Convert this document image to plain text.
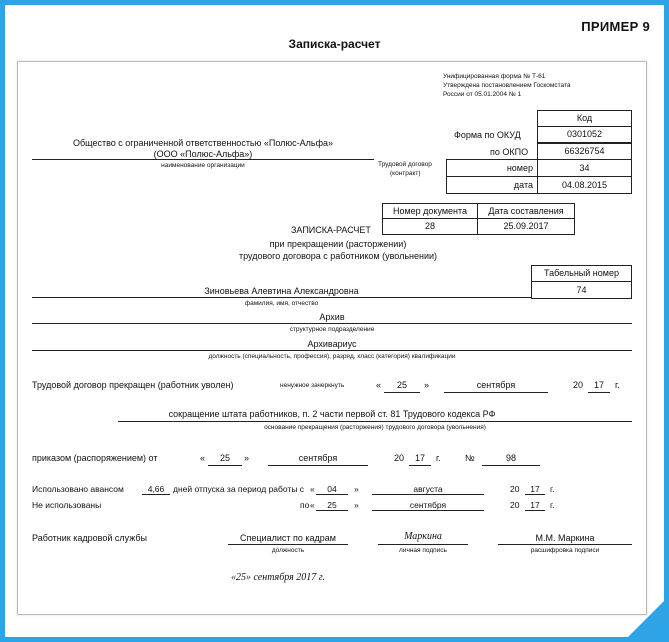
ПРИМЕР 9
Записка-расчет
Унифицированная форма № Т-61
Утверждена постановлением Госкомстата
России от 05.01.2004 № 1
Код
Форма по ОКУД	0301052
по ОКПО	66326754
Общество с ограниченной ответственностью «Полюс-Альфа»
(ООО «Полюс-Альфа»)
наименование организации	Трудовой договор
(контракт)
номер	34
дата	04.08.2015
Номер документа	Дата составления
28	25.09.2017
ЗАПИСКА-РАСЧЕТ
при прекращении (расторжении)
трудового договора с работником (увольнении)
Табельный номер
74
Зиновьева Алевтина Александровна
фамилия, имя, отчество
Архив
структурное подразделение
Архивариус
должность (специальность, профессия), разряд, класс (категория) квалификации
Трудовой договор прекращен (работник уволен)	ненужное зачеркнуть	«	25	»	сентября	20	17	г.
сокращение штата работников, п. 2 части первой ст. 81 Трудового кодекса РФ
основание прекращения (расторжения) трудового договора (увольнения)
приказом (распоряжением) от	«	25	»	сентября	20	17	г.	№	98
Использовано авансом	4,66	дней отпуска за период работы с «	04	»	августа	20	17	г.
Не использованы	по «	25	»	сентября	20	17	г.
Работник кадровой службы	Специалист по кадрам
должность
Маркина
личная подпись
М.М. Маркина
расшифровка подписи
«25» сентября 2017 г.
